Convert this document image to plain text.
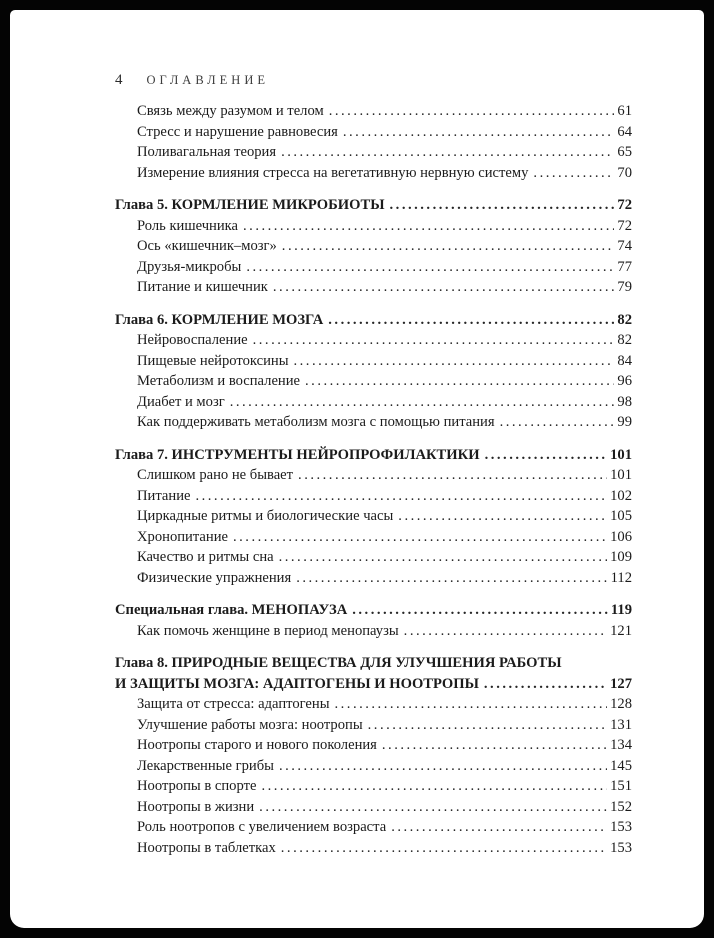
4 ОГЛАВЛЕНИЕ
Связь между разумом и телом .....	61
Стресс и нарушение равновесия .....	64
Поливагальная теория .....	65
Измерение влияния стресса на вегетативную нервную систему .....	70
Глава 5. КОРМЛЕНИЕ МИКРОБИОТЫ .....	72
Роль кишечника .....	72
Ось «кишечник–мозг» .....	74
Друзья-микробы .....	77
Питание и кишечник .....	79
Глава 6. КОРМЛЕНИЕ МОЗГА .....	82
Нейровоспаление .....	82
Пищевые нейротоксины .....	84
Метаболизм и воспаление .....	96
Диабет и мозг .....	98
Как поддерживать метаболизм мозга с помощью питания .....	99
Глава 7. ИНСТРУМЕНТЫ НЕЙРОПРОФИЛАКТИКИ .....	101
Слишком рано не бывает .....	101
Питание .....	102
Циркадные ритмы и биологические часы .....	105
Хронопитание .....	106
Качество и ритмы сна .....	109
Физические упражнения .....	112
Специальная глава. МЕНОПАУЗА .....	119
Как помочь женщине в период менопаузы .....	121
Глава 8. ПРИРОДНЫЕ ВЕЩЕСТВА ДЛЯ УЛУЧШЕНИЯ РАБОТЫ
И ЗАЩИТЫ МОЗГА: АДАПТОГЕНЫ И НООТРОПЫ .....	127
Защита от стресса: адаптогены .....	128
Улучшение работы мозга: ноотропы .....	131
Ноотропы старого и нового поколения .....	134
Лекарственные грибы .....	145
Ноотропы в спорте .....	151
Ноотропы в жизни .....	152
Роль ноотропов с увеличением возраста .....	153
Ноотропы в таблетках .....	153
